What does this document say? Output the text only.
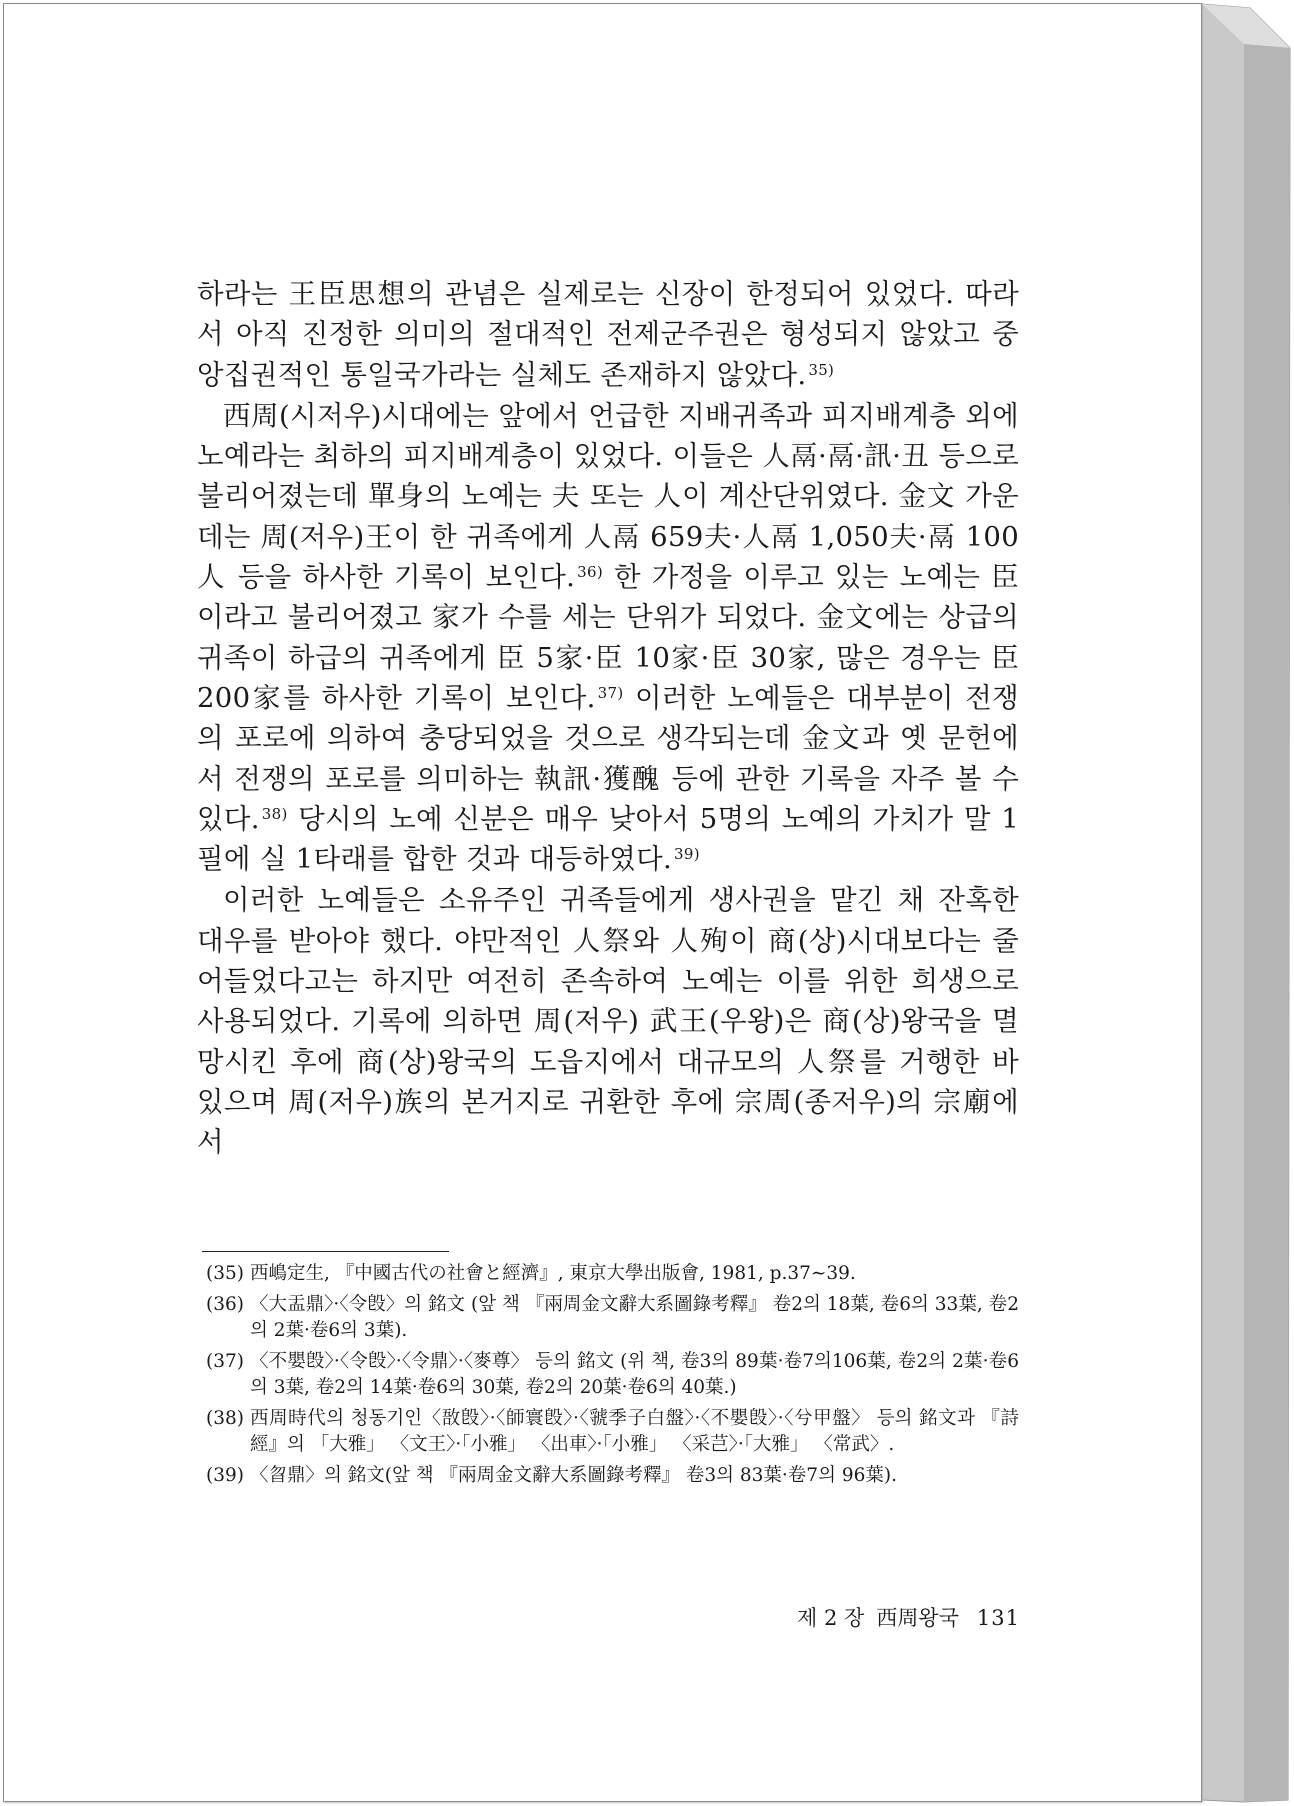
하라는 王臣思想의 관념은 실제로는 신장이 한정되어 있었다. 따라서 아직 진정한 의미의 절대적인 전제군주권은 형성되지 않았고 중앙집권적인 통일국가라는 실체도 존재하지 않았다. $^{35)}$

西周(시저우)시대에는 앞에서 언급한 지배귀족과 피지배계층 외에 노예라는 최하의 피지배계층이 있었다. 이들은 人鬲·鬲·訊·丑 등으로 불리어졌는데 單身의 노예는 夫 또는 人이 계산단위였다. 金文 가운데는 周(저우)王이 한 귀족에게 人鬲 659夫·人鬲 1,050夫·鬲 100人 등을 하사한 기록이 보인다. $^{36)}$ 한 가정을 이루고 있는 노예는 臣이라고 불리어졌고 家가 수를 세는 단위가 되었다. 金文에는 상급의 귀족이 하급의 귀족에게 臣 5家·臣 10家·臣 30家, 많은 경우는 臣 200家를 하사한 기록이 보인다. $^{37)}$ 이러한 노예들은 대부분이 전쟁의 포로에 의하여 충당되었을 것으로 생각되는데 金文과 옛 문헌에서 전쟁의 포로를 의미하는 執訊·獲醜 등에 관한 기록을 자주 볼 수 있다. $^{38)}$ 당시의 노예 신분은 매우 낮아서 5명의 노예의 가치가 말 1필에 실 1타래를 합한 것과 대등하였다. $^{39)}$

이러한 노예들은 소유주인 귀족들에게 생사권을 맡긴 채 잔혹한 대우를 받아야 했다. 야만적인 人祭와 人殉이 商(상)시대보다는 줄어들었다고는 하지만 여전히 존속하여 노예는 이를 위한 희생으로 사용되었다. 기록에 의하면 周(저우) 武王(우왕)은 商(상)왕국을 멸망시킨 후에 商(상)왕국의 도읍지에서 대규모의 人祭를 거행한 바 있으며 周(저우)族의 본거지로 귀환한 후에 宗周(종저우)의 宗廟에서

(35) 西嶋定生, 『中國古代の社會と經濟』, 東京大學出版會, 1981, p.37∼39.
(36) 〈大盂鼎〉·〈令𣪘〉의 銘文 (앞 책 『兩周金文辭大系圖錄考釋』 卷2의 18葉, 卷6의 33葉, 卷2의 2葉·卷6의 3葉).
(37) 〈不嬰𣪘〉·〈令𣪘〉·〈令鼎〉·〈麥尊〉 등의 銘文 (위 책, 卷3의 89葉·卷7의106葉, 卷2의 2葉·卷6의 3葉, 卷2의 14葉·卷6의 30葉, 卷2의 20葉·卷6의 40葉.)
(38) 西周時代의 청동기인〈敔𣪘〉·〈師寰𣪘〉·〈虢季子白盤〉·〈不嬰𣪘〉·〈兮甲盤〉 등의 銘文과 『詩經』의 「大雅」 〈文王〉·「小雅」 〈出車〉·「小雅」 〈采芑〉·「大雅」 〈常武〉.
(39) 〈曶鼎〉의 銘文(앞 책 『兩周金文辭大系圖錄考釋』 卷3의 83葉·卷7의 96葉).
제 2 장 西周왕국 131
